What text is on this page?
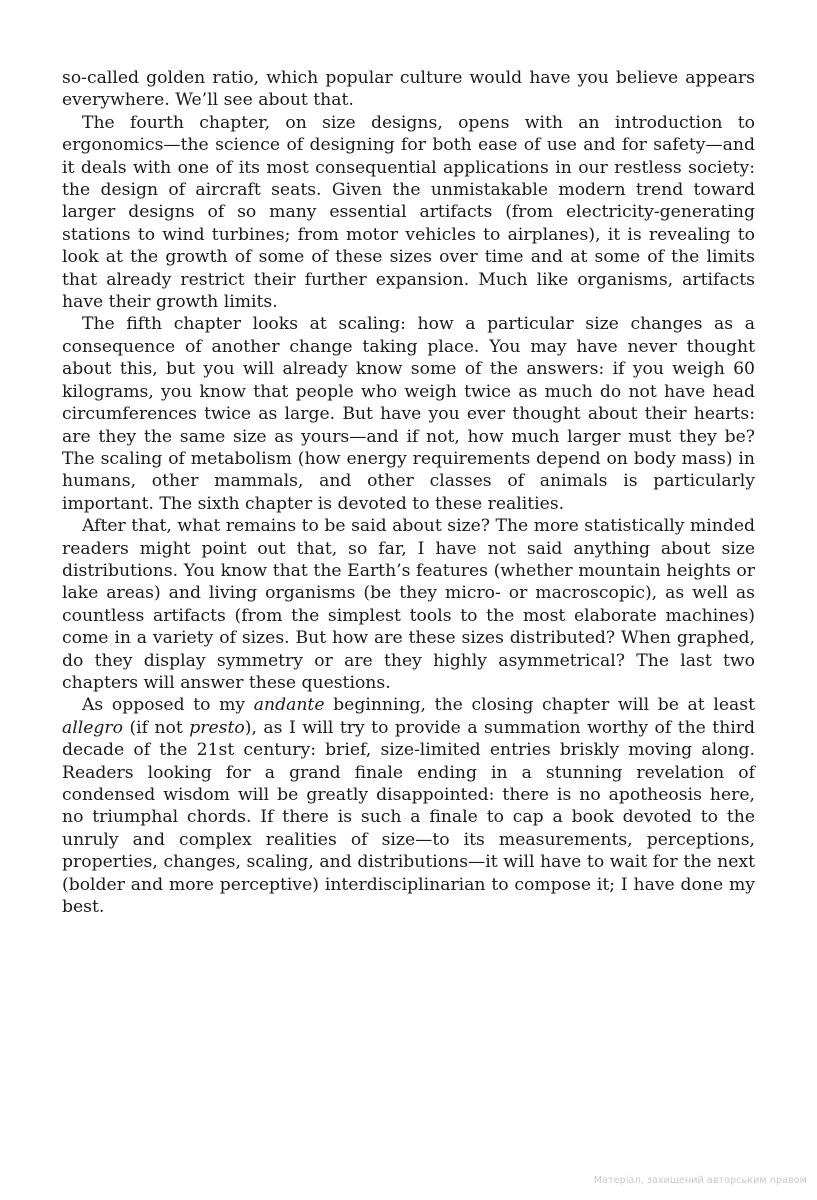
so-called golden ratio, which popular culture would have you believe appears everywhere. We’ll see about that.

The fourth chapter, on size designs, opens with an introduction to ergonomics—the science of designing for both ease of use and for safety—and it deals with one of its most consequential applications in our restless society: the design of aircraft seats. Given the unmistakable modern trend toward larger designs of so many essential artifacts (from electricity-generating stations to wind turbines; from motor vehicles to airplanes), it is revealing to look at the growth of some of these sizes over time and at some of the limits that already restrict their further expansion. Much like organisms, artifacts have their growth limits.

The fifth chapter looks at scaling: how a particular size changes as a consequence of another change taking place. You may have never thought about this, but you will already know some of the answers: if you weigh 60 kilograms, you know that people who weigh twice as much do not have head circumferences twice as large. But have you ever thought about their hearts: are they the same size as yours—and if not, how much larger must they be? The scaling of metabolism (how energy requirements depend on body mass) in humans, other mammals, and other classes of animals is particularly important. The sixth chapter is devoted to these realities.

After that, what remains to be said about size? The more statistically minded readers might point out that, so far, I have not said anything about size distributions. You know that the Earth’s features (whether mountain heights or lake areas) and living organisms (be they micro- or macroscopic), as well as countless artifacts (from the simplest tools to the most elaborate machines) come in a variety of sizes. But how are these sizes distributed? When graphed, do they display symmetry or are they highly asymmetrical? The last two chapters will answer these questions.

As opposed to my andante beginning, the closing chapter will be at least allegro (if not presto), as I will try to provide a summation worthy of the third decade of the 21st century: brief, size-limited entries briskly moving along. Readers looking for a grand finale ending in a stunning revelation of condensed wisdom will be greatly disappointed: there is no apotheosis here, no triumphal chords. If there is such a finale to cap a book devoted to the unruly and complex realities of size—to its measurements, perceptions, properties, changes, scaling, and distributions—it will have to wait for the next (bolder and more perceptive) interdisciplinarian to compose it; I have done my best.

Матеріал, захищений авторським правом
